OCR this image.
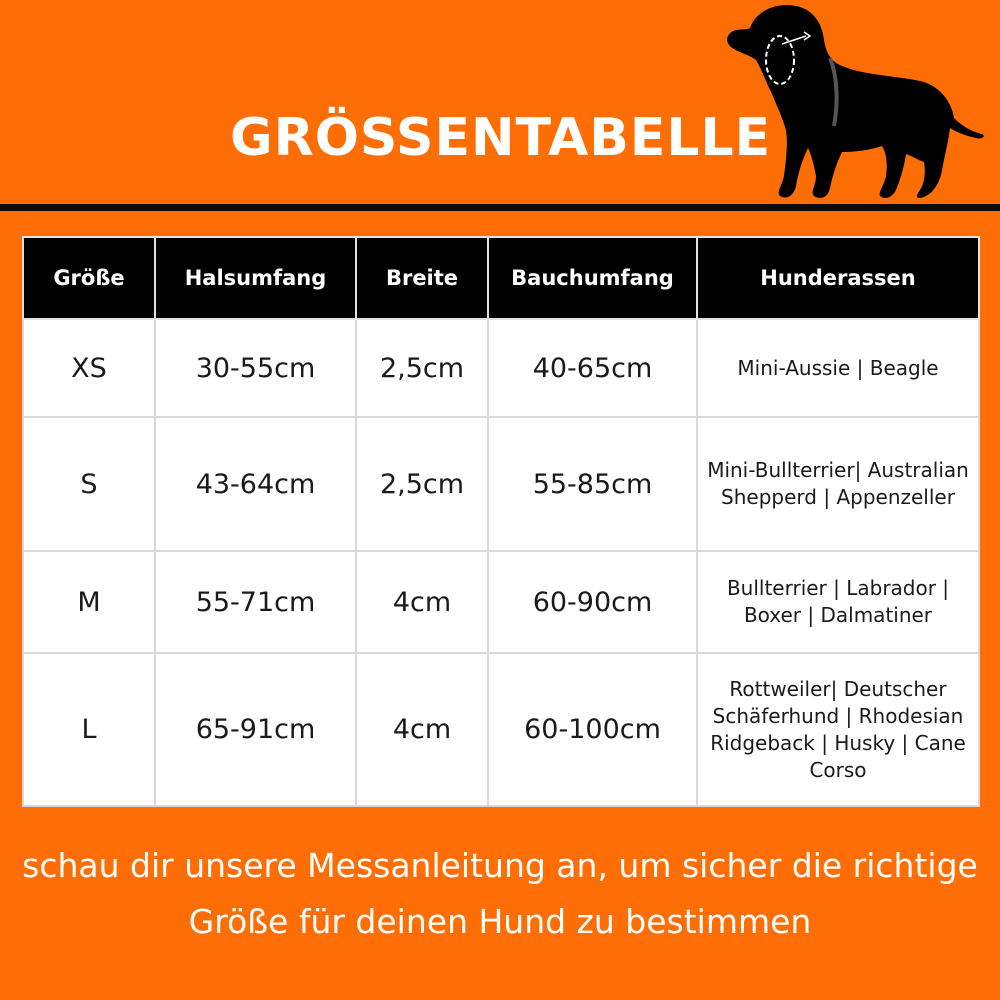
GRÖSSENTABELLE
Größe	Halsumfang	Breite	Bauchumfang	Hunderassen
XS	30-55cm	2,5cm	40-65cm	Mini-Aussie | Beagle
S	43-64cm	2,5cm	55-85cm	Mini-Bullterrier| Australian Shepperd | Appenzeller
M	55-71cm	4cm	60-90cm	Bullterrier | Labrador | Boxer | Dalmatiner
L	65-91cm	4cm	60-100cm	Rottweiler| Deutscher Schäferhund | Rhodesian Ridgeback | Husky | Cane Corso
schau dir unsere Messanleitung an, um sicher die richtige Größe für deinen Hund zu bestimmen
